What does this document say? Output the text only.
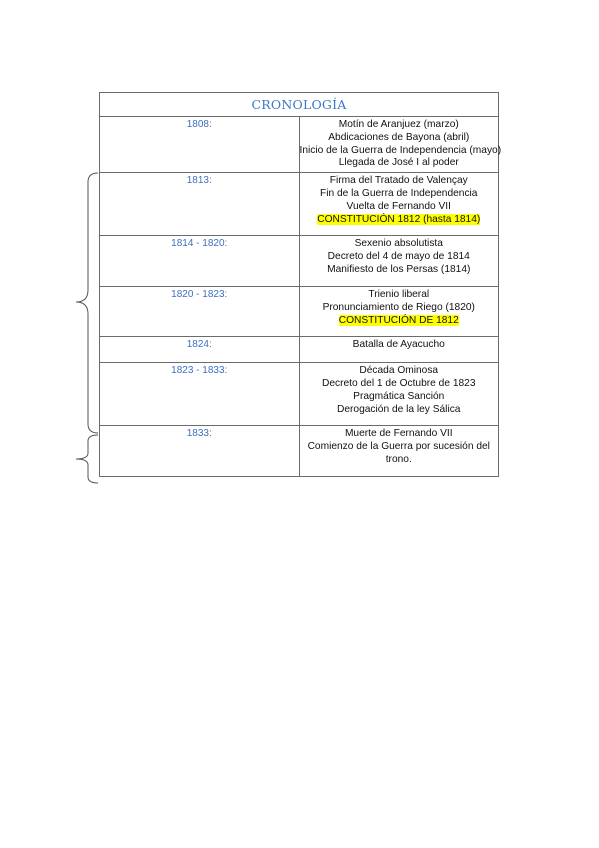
CRONOLOGÍA	
1808:	Motín de Aranjuez (marzo)
Abdicaciones de Bayona (abril)
Inicio de la Guerra de Independencia (mayo)
Llegada de José I al poder

1813:	Firma del Tratado de Valençay
Fin de la Guerra de Independencia
Vuelta de Fernando VII
CONSTITUCIÓN 1812 (hasta 1814)

1814 - 1820:	Sexenio absolutista
Decreto del 4 de mayo de 1814
Manifiesto de los Persas (1814)

1820 - 1823:	Trienio liberal
Pronunciamiento de Riego (1820)
CONSTITUCIÓN DE 1812

1824:	Batalla de Ayacucho

1823 - 1833:	Década Ominosa
Decreto del 1 de Octubre de 1823
Pragmática Sanción
Derogación de la ley Sálica

1833:	Muerte de Fernando VII
Comienzo de la Guerra por sucesión del trono.
